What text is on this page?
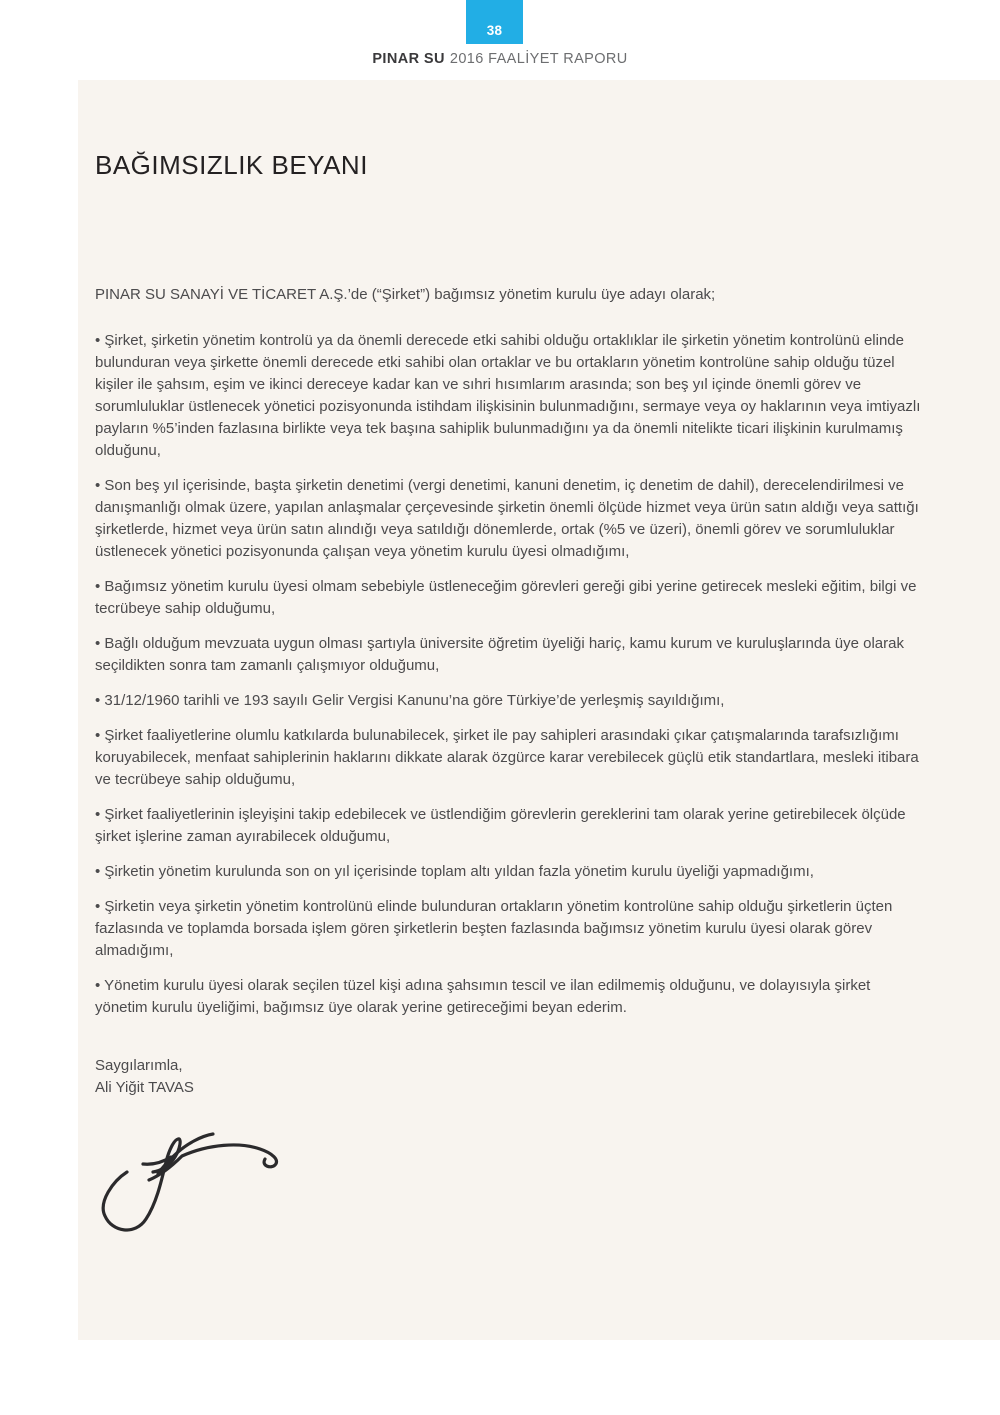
38
PINAR SU 2016 FAALİYET RAPORU
BAĞIMSIZLIK BEYANI

PINAR SU SANAYİ VE TİCARET A.Ş.’de (“Şirket”) bağımsız yönetim kurulu üye adayı olarak;

• Şirket, şirketin yönetim kontrolü ya da önemli derecede etki sahibi olduğu ortaklıklar ile şirketin yönetim kontrolünü elinde bulunduran veya şirkette önemli derecede etki sahibi olan ortaklar ve bu ortakların yönetim kontrolüne sahip olduğu tüzel kişiler ile şahsım, eşim ve ikinci dereceye kadar kan ve sıhri hısımlarım arasında; son beş yıl içinde önemli görev ve sorumluluklar üstlenecek yönetici pozisyonunda istihdam ilişkisinin bulunmadığını, sermaye veya oy haklarının veya imtiyazlı payların %5’inden fazlasına birlikte veya tek başına sahiplik bulunmadığını ya da önemli nitelikte ticari ilişkinin kurulmamış olduğunu,

• Son beş yıl içerisinde, başta şirketin denetimi (vergi denetimi, kanuni denetim, iç denetim de dahil), derecelendirilmesi ve danışmanlığı olmak üzere, yapılan anlaşmalar çerçevesinde şirketin önemli ölçüde hizmet veya ürün satın aldığı veya sattığı şirketlerde, hizmet veya ürün satın alındığı veya satıldığı dönemlerde, ortak (%5 ve üzeri), önemli görev ve sorumluluklar üstlenecek yönetici pozisyonunda çalışan veya yönetim kurulu üyesi olmadığımı,

• Bağımsız yönetim kurulu üyesi olmam sebebiyle üstleneceğim görevleri gereği gibi yerine getirecek mesleki eğitim, bilgi ve tecrübeye sahip olduğumu,

• Bağlı olduğum mevzuata uygun olması şartıyla üniversite öğretim üyeliği hariç, kamu kurum ve kuruluşlarında üye olarak seçildikten sonra tam zamanlı çalışmıyor olduğumu,

• 31/12/1960 tarihli ve 193 sayılı Gelir Vergisi Kanunu’na göre Türkiye’de yerleşmiş sayıldığımı,

• Şirket faaliyetlerine olumlu katkılarda bulunabilecek, şirket ile pay sahipleri arasındaki çıkar çatışmalarında tarafsızlığımı koruyabilecek, menfaat sahiplerinin haklarını dikkate alarak özgürce karar verebilecek güçlü etik standartlara, mesleki itibara ve tecrübeye sahip olduğumu,

• Şirket faaliyetlerinin işleyişini takip edebilecek ve üstlendiğim görevlerin gereklerini tam olarak yerine getirebilecek ölçüde şirket işlerine zaman ayırabilecek olduğumu,

• Şirketin yönetim kurulunda son on yıl içerisinde toplam altı yıldan fazla yönetim kurulu üyeliği yapmadığımı,

• Şirketin veya şirketin yönetim kontrolünü elinde bulunduran ortakların yönetim kontrolüne sahip olduğu şirketlerin üçten fazlasında ve toplamda borsada işlem gören şirketlerin beşten fazlasında bağımsız yönetim kurulu üyesi olarak görev almadığımı,

• Yönetim kurulu üyesi olarak seçilen tüzel kişi adına şahsımın tescil ve ilan edilmemiş olduğunu, ve dolayısıyla şirket yönetim kurulu üyeliğimi, bağımsız üye olarak yerine getireceğimi beyan ederim.

Saygılarımla,

Ali Yiğit TAVAS
